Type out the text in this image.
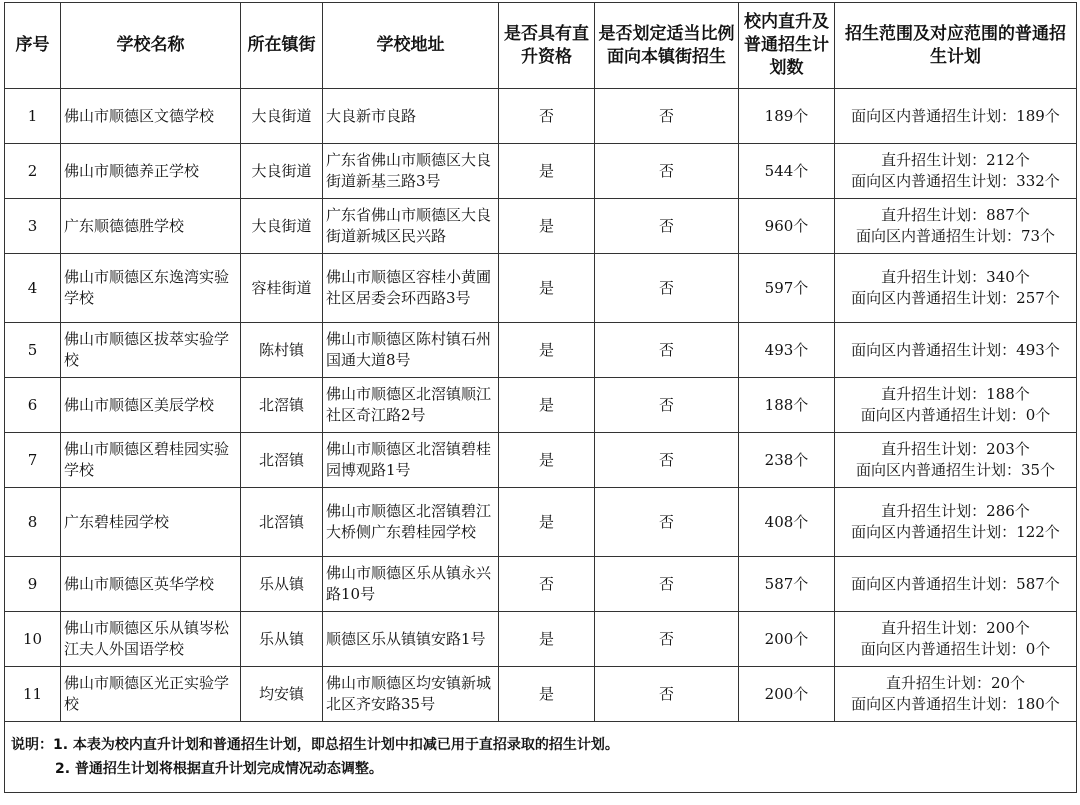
序号	学校名称	所在镇街	学校地址	是否具有直升资格	是否划定适当比例面向本镇街招生	校内直升及普通招生计划数	招生范围及对应范围的普通招生计划
1	佛山市顺德区文德学校	大良街道	大良新市良路	否	否	189个	面向区内普通招生计划：189个

2	佛山市顺德养正学校	大良街道	广东省佛山市顺德区大良街道新基三路3号	是	否	544个	直升招生计划：212个
面向区内普通招生计划：332个

3	广东顺德德胜学校	大良街道	广东省佛山市顺德区大良街道新城区民兴路	是	否	960个	直升招生计划：887个
面向区内普通招生计划：73个

4	佛山市顺德区东逸湾实验学校	容桂街道	佛山市顺德区容桂小黄圃社区居委会环西路3号	是	否	597个	直升招生计划：340个
面向区内普通招生计划：257个

5	佛山市顺德区拔萃实验学校	陈村镇	佛山市顺德区陈村镇石州国通大道8号	是	否	493个	面向区内普通招生计划：493个

6	佛山市顺德区美辰学校	北滘镇	佛山市顺德区北滘镇顺江社区奇江路2号	是	否	188个	直升招生计划：188个
面向区内普通招生计划：0个

7	佛山市顺德区碧桂园实验学校	北滘镇	佛山市顺德区北滘镇碧桂园博观路1号	是	否	238个	直升招生计划：203个
面向区内普通招生计划：35个

8	广东碧桂园学校	北滘镇	佛山市顺德区北滘镇碧江大桥侧广东碧桂园学校	是	否	408个	直升招生计划：286个
面向区内普通招生计划：122个

9	佛山市顺德区英华学校	乐从镇	佛山市顺德区乐从镇永兴路10号	否	否	587个	面向区内普通招生计划：587个

10	佛山市顺德区乐从镇岑松江夫人外国语学校	乐从镇	顺德区乐从镇镇安路1号	是	否	200个	直升招生计划：200个
面向区内普通招生计划：0个

11	佛山市顺德区光正实验学校	均安镇	佛山市顺德区均安镇新城北区齐安路35号	是	否	200个	直升招生计划：20个
面向区内普通招生计划：180个

说明：1. 本表为校内直升计划和普通招生计划，即总招生计划中扣减已用于直招录取的招生计划。
2. 普通招生计划将根据直升计划完成情况动态调整。							
